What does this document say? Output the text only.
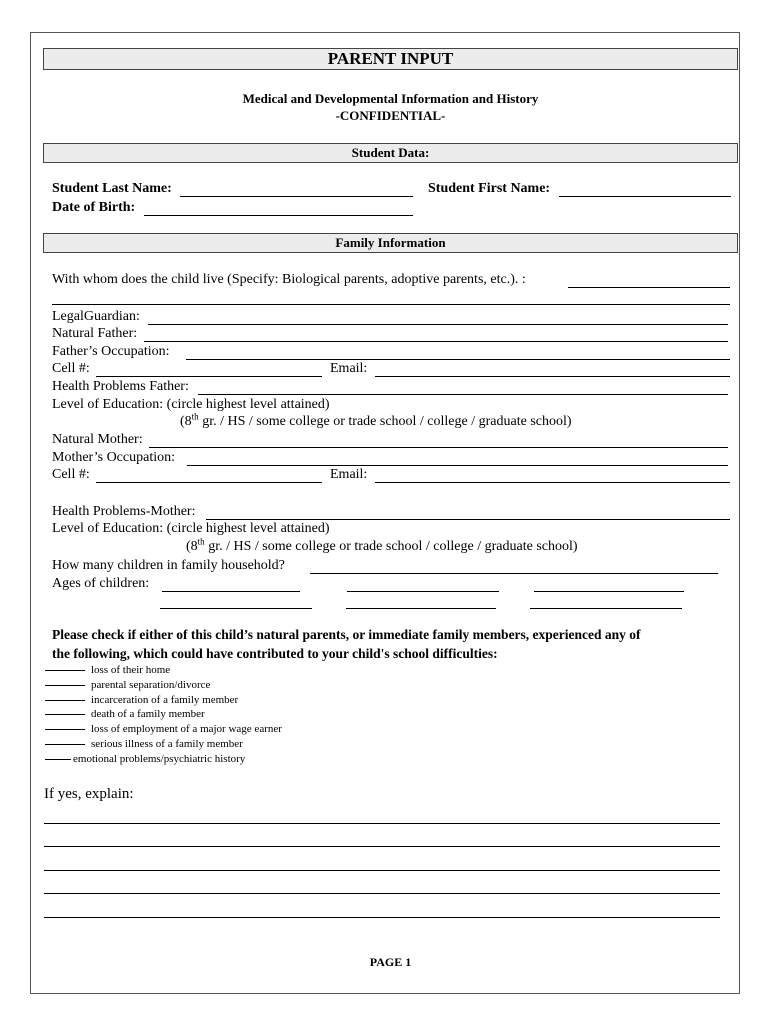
PARENT INPUT
Medical and Developmental Information and History
-CONFIDENTIAL-
Student Data:
Student Last Name:	Student First Name:
Date of Birth:
Family Information
With whom does the child live (Specify: Biological parents, adoptive parents, etc.). :
LegalGuardian:
Natural Father:
Father’s Occupation:
Cell #:	Email:
Health Problems Father:
Level of Education: (circle highest level attained)
(8th gr. / HS / some college or trade school / college / graduate school)
Natural Mother:
Mother’s Occupation:
Cell #:	Email:
Health Problems-Mother:
Level of Education: (circle highest level attained)
(8th gr. / HS / some college or trade school / college / graduate school)
How many children in family household?
Ages of children:
Please check if either of this child’s natural parents, or immediate family members, experienced any of
the following, which could have contributed to your child's school difficulties:
loss of their home
parental separation/divorce
incarceration of a family member
death of a family member
loss of employment of a major wage earner
serious illness of a family member
emotional problems/psychiatric history
If yes, explain:
PAGE 1
